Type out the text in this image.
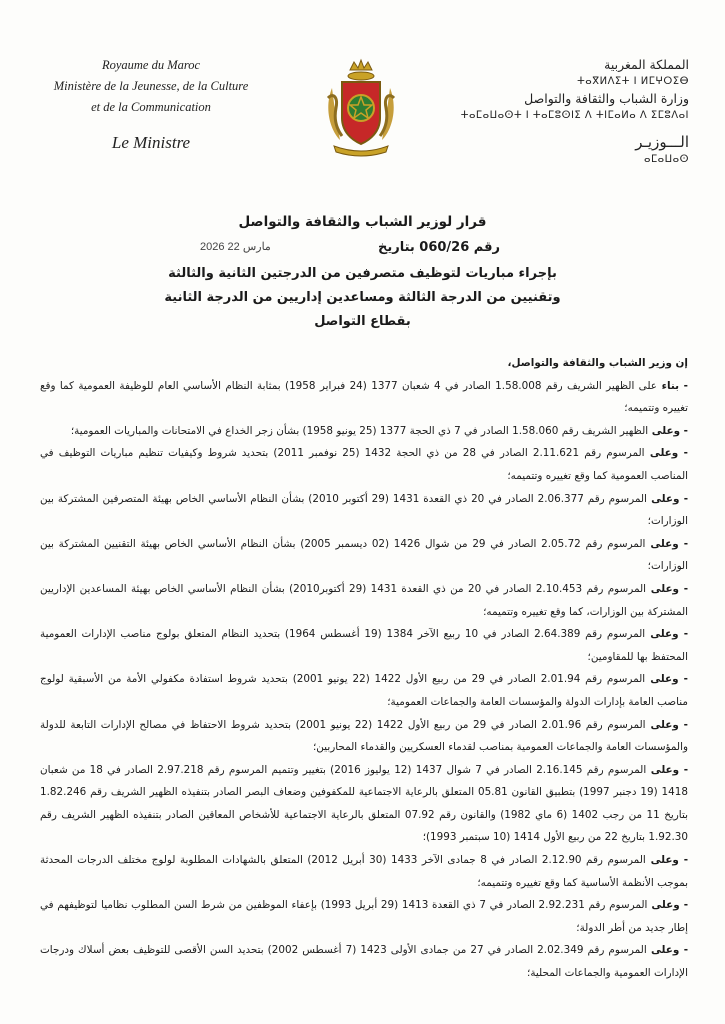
Royaume du Maroc
Ministère de la Jeunesse, de la Culture
et de la Communication
Le Ministre
المملكة المغربية
ⵜⴰⴳⵍⴷⵉⵜ ⵏ ⵍⵎⵖⵔⵉⴱ
وزارة الشباب والثقافة والتواصل
ⵜⴰⵎⴰⵡⴰⵙⵜ ⵏ ⵜⴰⵎⵓⵙⵏⵉ ⴷ ⵜⵏⵎⴰⵍⴰ ⴷ ⵉⵎⵓⴷⴰⵏ
الـــوزيـر
ⴰⵎⴰⵡⴰⵙ
قرار لوزير الشباب والثقافة والتواصل
2026 مارس 22	رقم 060/26 بتاريخ
بإجراء مباريات لتوظيف متصرفين من الدرجتين الثانية والثالثة
وتقنيين من الدرجة الثالثة ومساعدين إداريين من الدرجة الثانية
بقطاع التواصل

إن وزير الشباب والثقافة والتواصل،

- بناء على الظهير الشريف رقم 1.58.008 الصادر في 4 شعبان 1377 (24 فبراير 1958) بمثابة النظام الأساسي العام للوظيفة العمومية كما وقع تغييره وتتميمه؛

- وعلى الظهير الشريف رقم 1.58.060 الصادر في 7 ذي الحجة 1377 (25 يونيو 1958) بشأن زجر الخداع في الامتحانات والمباريات العمومية؛

- وعلى المرسوم رقم 2.11.621 الصادر في 28 من ذي الحجة 1432 (25 نوفمبر 2011) بتحديد شروط وكيفيات تنظيم مباريات التوظيف في المناصب العمومية كما وقع تغييره وتتميمه؛

- وعلى المرسوم رقم 2.06.377 الصادر في 20 ذي القعدة 1431 (29 أكتوبر 2010) بشأن النظام الأساسي الخاص بهيئة المتصرفين المشتركة بين الوزارات؛

- وعلى المرسوم رقم 2.05.72 الصادر في 29 من شوال 1426 (02 ديسمبر 2005) بشأن النظام الأساسي الخاص بهيئة التقنيين المشتركة بين الوزارات؛

- وعلى المرسوم رقم 2.10.453 الصادر في 20 من ذي القعدة 1431 (29 أكتوبر2010) بشأن النظام الأساسي الخاص بهيئة المساعدين الإداريين المشتركة بين الوزارات، كما وقع تغييره وتتميمه؛

- وعلى المرسوم رقم 2.64.389 الصادر في 10 ربيع الآخر 1384 (19 أغسطس 1964) بتحديد النظام المتعلق بولوج مناصب الإدارات العمومية المحتفظ بها للمقاومين؛

- وعلى المرسوم رقم 2.01.94 الصادر في 29 من ربيع الأول 1422 (22 يونيو 2001) بتحديد شروط استفادة مكفولي الأمة من الأسبقية لولوج مناصب العامة بإدارات الدولة والمؤسسات العامة والجماعات العمومية؛

- وعلى المرسوم رقم 2.01.96 الصادر في 29 من ربيع الأول 1422 (22 يونيو 2001) بتحديد شروط الاحتفاظ في مصالح الإدارات التابعة للدولة والمؤسسات العامة والجماعات العمومية بمناصب لقدماء العسكريين والقدماء المحاربين؛

- وعلى المرسوم رقم 2.16.145 الصادر في 7 شوال 1437 (12 يوليوز 2016) بتغيير وتتميم المرسوم رقم 2.97.218 الصادر في 18 من شعبان 1418 (19 دجنبر 1997) بتطبيق القانون 05.81 المتعلق بالرعاية الاجتماعية للمكفوفين وضعاف البصر الصادر بتنفيذه الظهير الشريف رقم 1.82.246 بتاريخ 11 من رجب 1402 (6 ماي 1982) والقانون رقم 07.92 المتعلق بالرعاية الاجتماعية للأشخاص المعاقين الصادر بتنفيذه الظهير الشريف رقم 1.92.30 بتاريخ 22 من ربيع الأول 1414 (10 سبتمبر 1993)؛

- وعلى المرسوم رقم 2.12.90 الصادر في 8 جمادى الآخر 1433 (30 أبريل 2012) المتعلق بالشهادات المطلوبة لولوج مختلف الدرجات المحدثة بموجب الأنظمة الأساسية كما وقع تغييره وتتميمه؛

- وعلى المرسوم رقم 2.92.231 الصادر في 7 ذي القعدة 1413 (29 أبريل 1993) بإعفاء الموظفين من شرط السن المطلوب نظاميا لتوظيفهم في إطار جديد من أطر الدولة؛

- وعلى المرسوم رقم 2.02.349 الصادر في 27 من جمادى الأولى 1423 (7 أغسطس 2002) بتحديد السن الأقصى للتوظيف بعض أسلاك ودرجات الإدارات العمومية والجماعات المحلية؛
